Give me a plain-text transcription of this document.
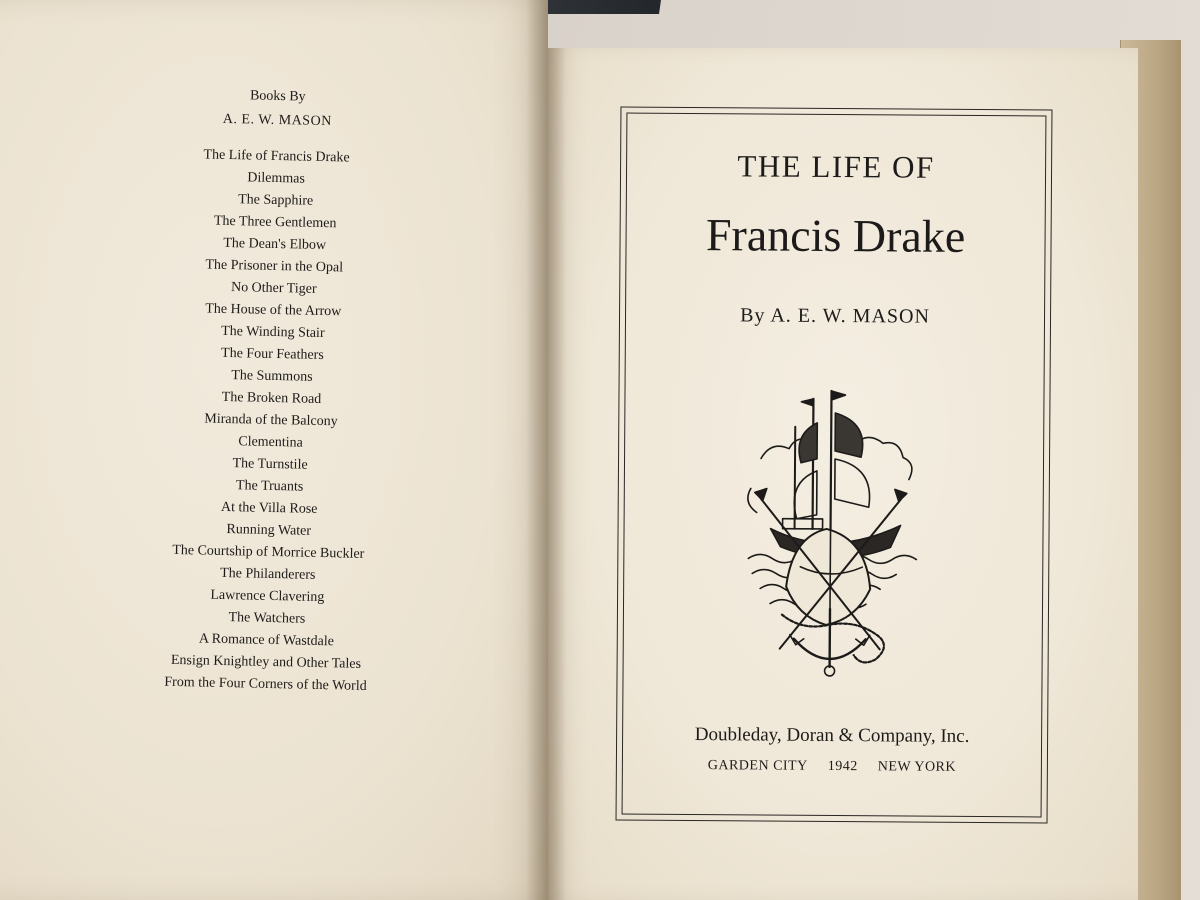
Books By

A. E. W. MASON

The Life of Francis Drake

Dilemmas

The Sapphire

The Three Gentlemen

The Dean's Elbow

The Prisoner in the Opal

No Other Tiger

The House of the Arrow

The Winding Stair

The Four Feathers

The Summons

The Broken Road

Miranda of the Balcony

Clementina

The Turnstile

The Truants

At the Villa Rose

Running Water

The Courtship of Morrice Buckler

The Philanderers

Lawrence Clavering

The Watchers

A Romance of Wastdale

Ensign Knightley and Other Tales

From the Four Corners of the World

THE LIFE OF

Francis Drake

By A. E. W. MASON

Doubleday, Doran & Company, Inc.

GARDEN CITY 1942 NEW YORK
